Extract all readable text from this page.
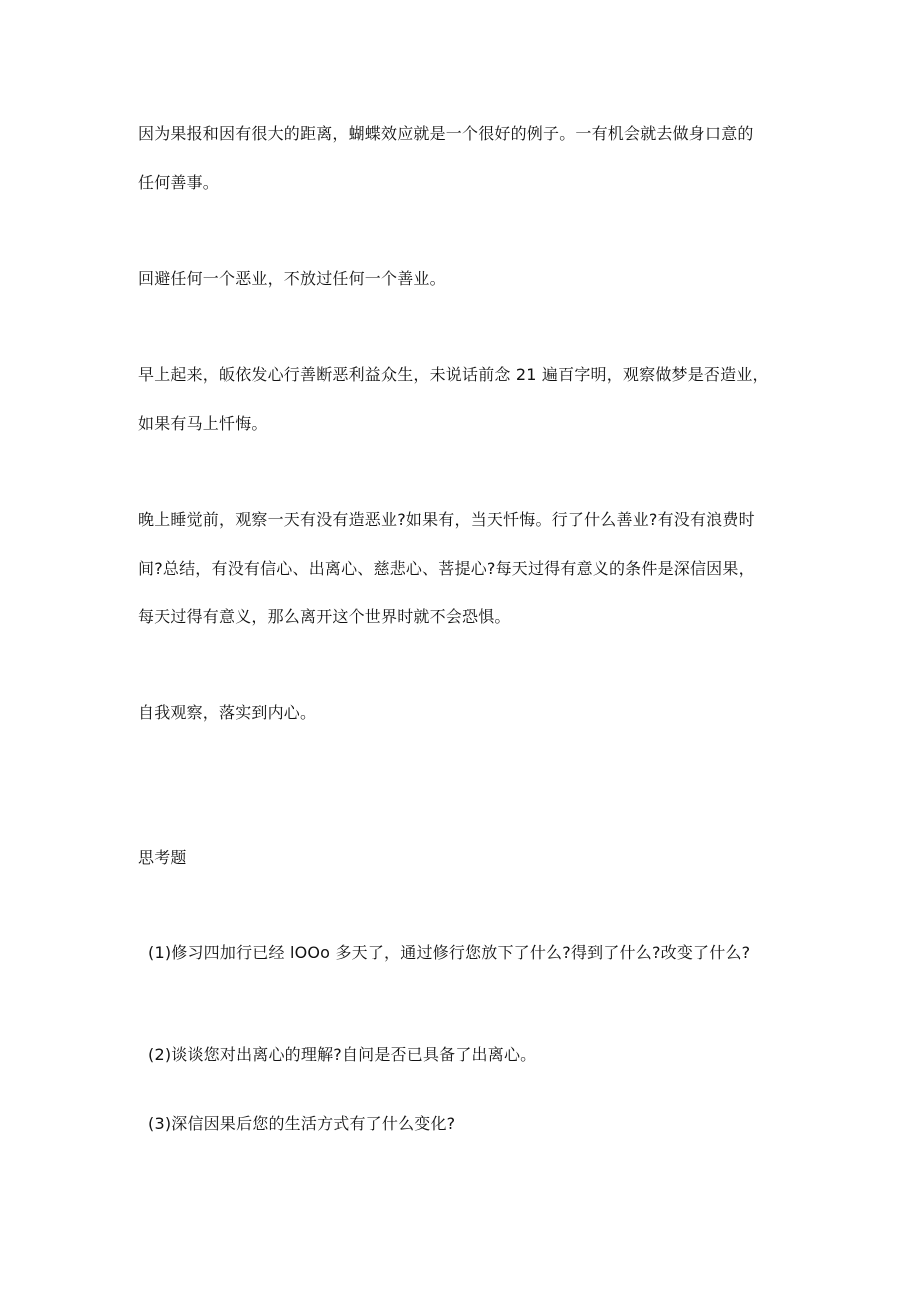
因为果报和因有很大的距离，蝴蝶效应就是一个很好的例子。一有机会就去做身口意的
任何善事。
回避任何一个恶业，不放过任何一个善业。
早上起来，皈依发心行善断恶利益众生，未说话前念 21 遍百字明，观察做梦是否造业，
如果有马上忏悔。
晚上睡觉前，观察一天有没有造恶业?如果有，当天忏悔。行了什么善业?有没有浪费时
间?总结，有没有信心、出离心、慈悲心、菩提心?每天过得有意义的条件是深信因果，
每天过得有意义，那么离开这个世界时就不会恐惧。
自我观察，落实到内心。
思考题
(1)修习四加行已经 lOOo 多天了，通过修行您放下了什么?得到了什么?改变了什么?
(2)谈谈您对出离心的理解?自问是否已具备了出离心。
(3)深信因果后您的生活方式有了什么变化?
